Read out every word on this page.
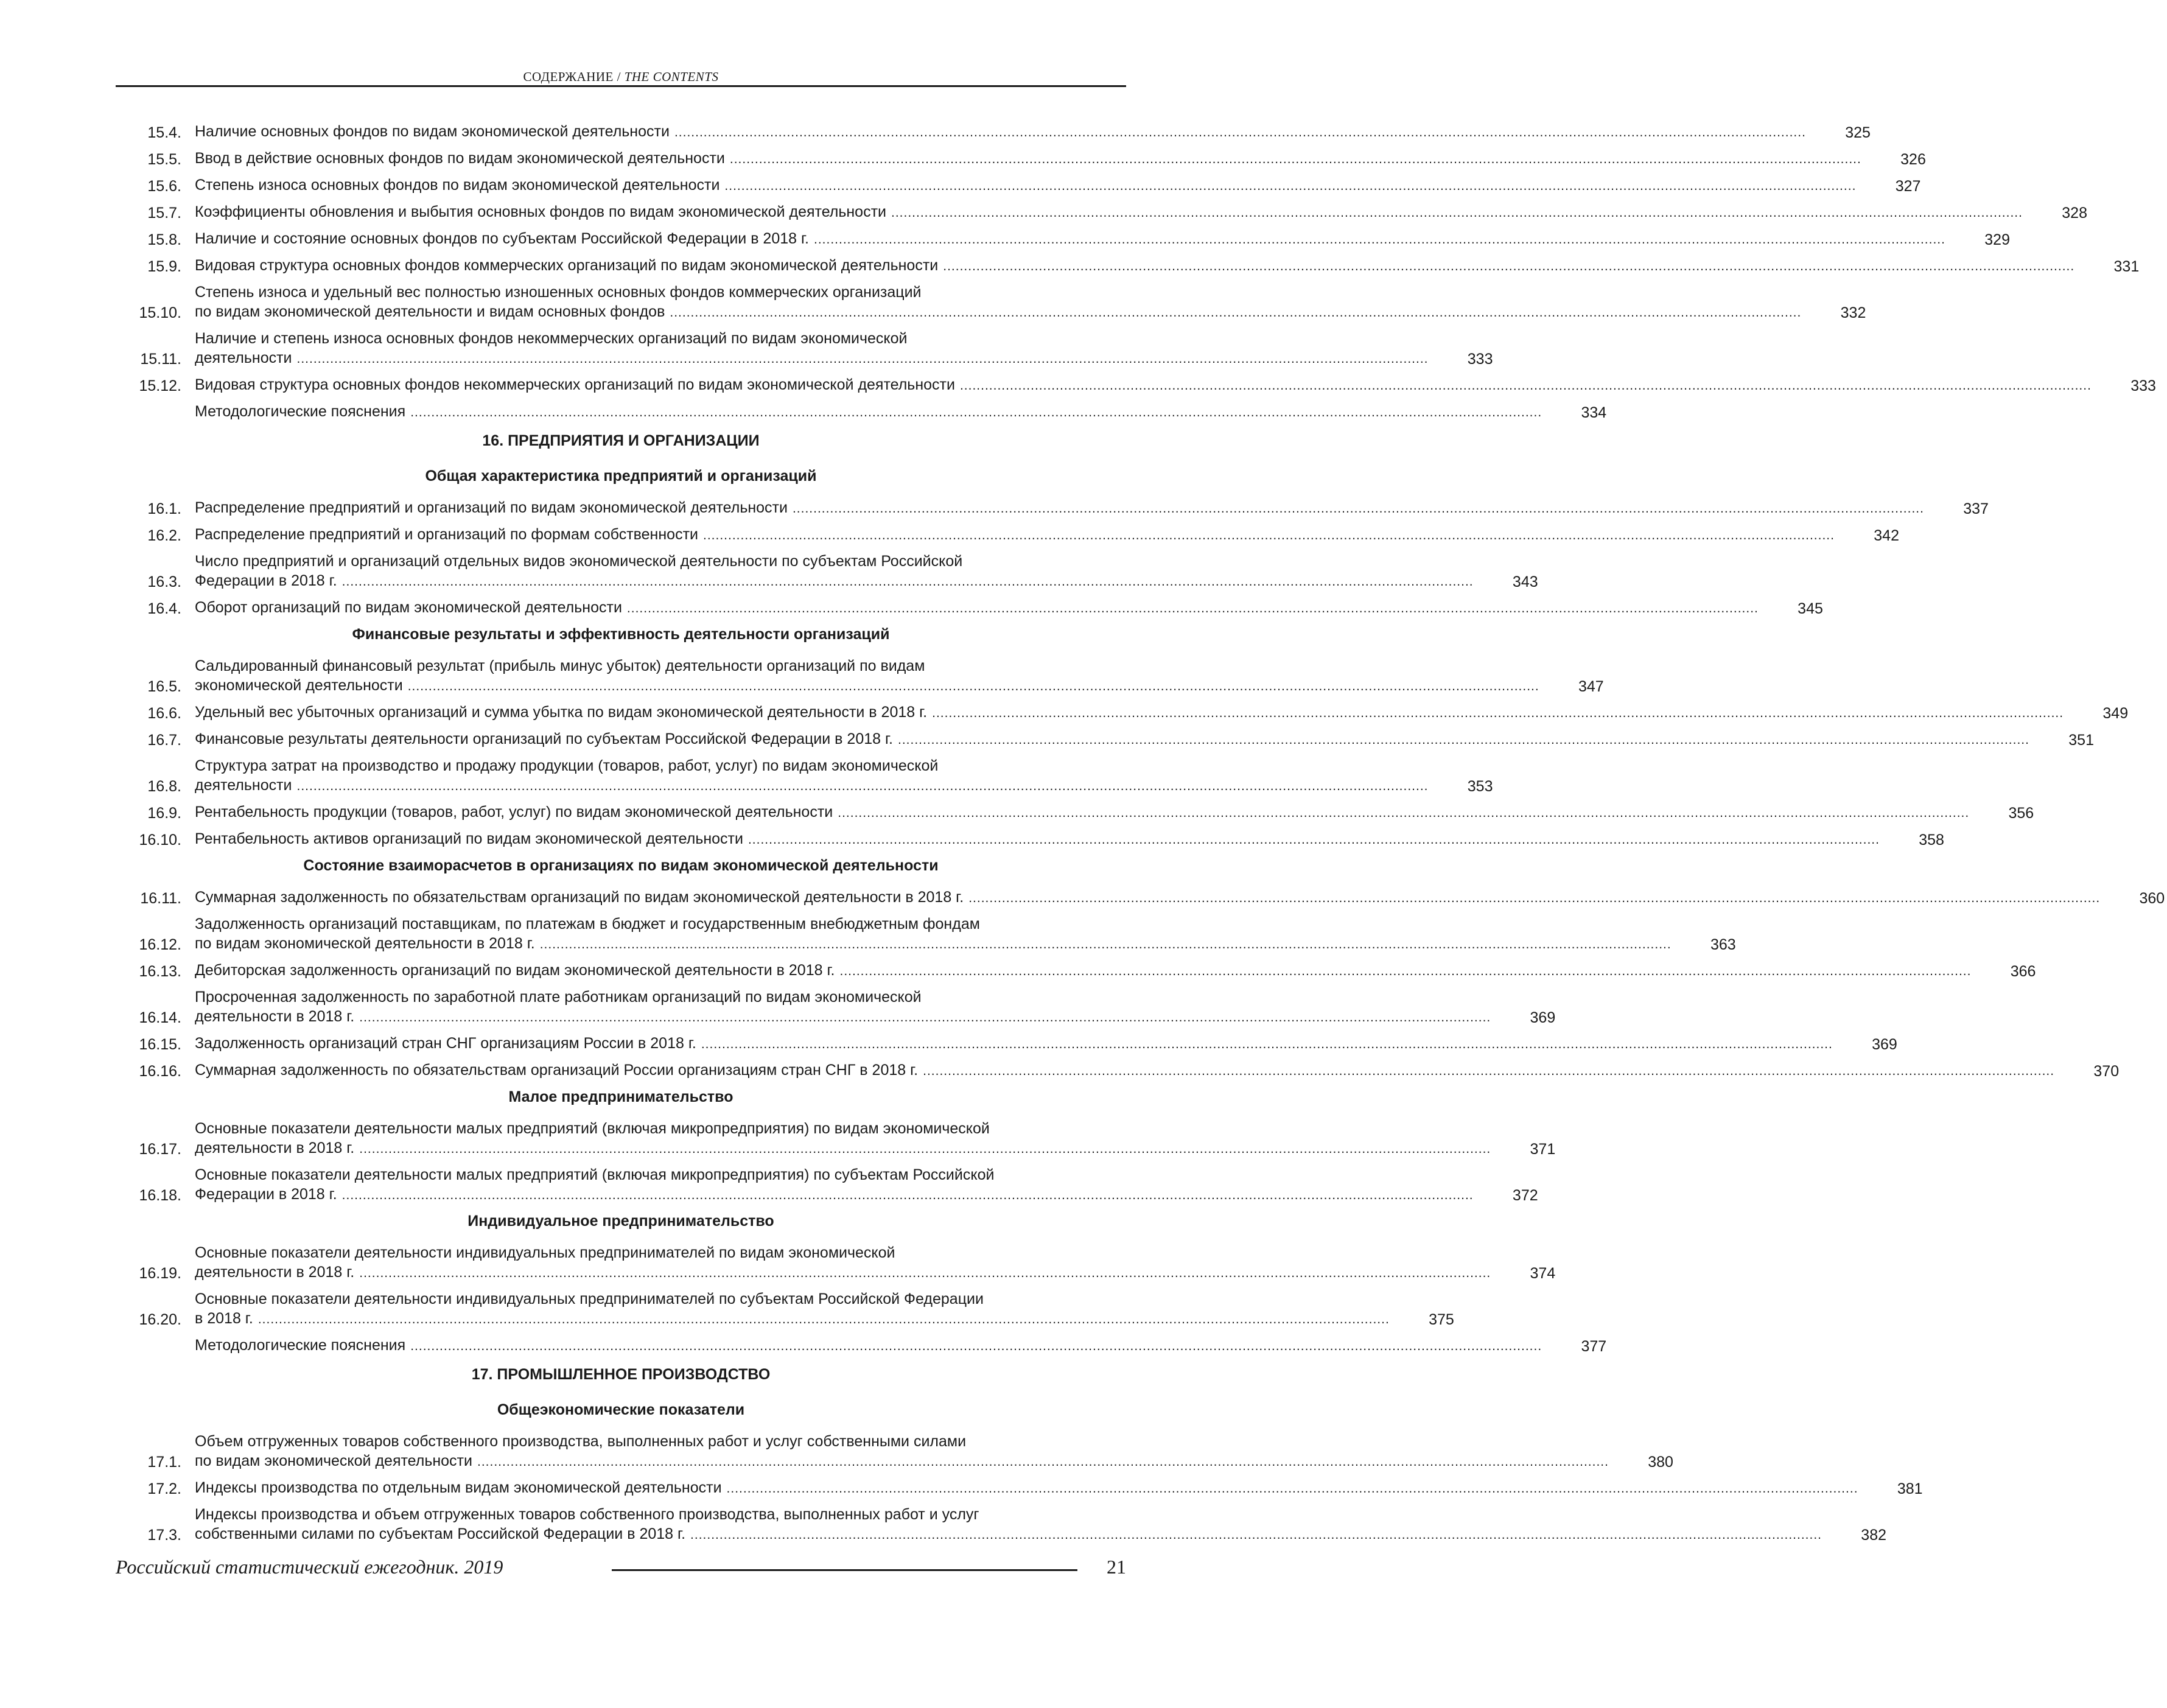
СОДЕРЖАНИЕ / THE CONTENTS
15.4. Наличие основных фондов по видам экономической деятельности .....	325
15.5. Ввод в действие основных фондов по видам экономической деятельности .....	326
15.6. Степень износа основных фондов по видам экономической деятельности .....	327
15.7. Коэффициенты обновления и выбытия основных фондов по видам экономической деятельности .....	328
15.8. Наличие и состояние основных фондов по субъектам Российской Федерации в 2018 г. .....	329
15.9. Видовая структура основных фондов коммерческих организаций по видам экономической деятельности .....	331
15.10.
Степень износа и удельный вес полностью изношенных основных фондов коммерческих организаций
по видам экономической деятельности и видам основных фондов .....	332
15.11.
Наличие и степень износа основных фондов некоммерческих организаций по видам экономической
деятельности .....	333
15.12. Видовая структура основных фондов некоммерческих организаций по видам экономической деятельности .....	333
Методологические пояснения .....	334
16. ПРЕДПРИЯТИЯ И ОРГАНИЗАЦИИ
Общая характеристика предприятий и организаций
16.1. Распределение предприятий и организаций по видам экономической деятельности .....	337
16.2. Распределение предприятий и организаций по формам собственности .....	342
16.3.
Число предприятий и организаций отдельных видов экономической деятельности по субъектам Российской
Федерации в 2018 г. .....	343
16.4. Оборот организаций по видам экономической деятельности .....	345
Финансовые результаты и эффективность деятельности организаций
16.5.
Сальдированный финансовый результат (прибыль минус убыток) деятельности организаций по видам
экономической деятельности .....	347
16.6. Удельный вес убыточных организаций и сумма убытка по видам экономической деятельности в 2018 г. .....	349
16.7. Финансовые результаты деятельности организаций по субъектам Российской Федерации в 2018 г. .....	351
16.8.
Структура затрат на производство и продажу продукции (товаров, работ, услуг) по видам экономической
деятельности .....	353
16.9. Рентабельность продукции (товаров, работ, услуг) по видам экономической деятельности .....	356
16.10. Рентабельность активов организаций по видам экономической деятельности .....	358
Состояние взаиморасчетов в организациях по видам экономической деятельности
16.11. Суммарная задолженность по обязательствам организаций по видам экономической деятельности в 2018 г. .....	360
16.12.
Задолженность организаций поставщикам, по платежам в бюджет и государственным внебюджетным фондам
по видам экономической деятельности в 2018 г. .....	363
16.13. Дебиторская задолженность организаций по видам экономической деятельности в 2018 г. .....	366
16.14.
Просроченная задолженность по заработной плате работникам организаций по видам экономической
деятельности в 2018 г. .....	369
16.15. Задолженность организаций стран СНГ организациям России в 2018 г. .....	369
16.16. Суммарная задолженность по обязательствам организаций России организациям стран СНГ в 2018 г. .....	370
Малое предпринимательство
16.17.
Основные показатели деятельности малых предприятий (включая микропредприятия) по видам экономической
деятельности в 2018 г. .....	371
16.18.
Основные показатели деятельности малых предприятий (включая микропредприятия) по субъектам Российской
Федерации в 2018 г. .....	372
Индивидуальное предпринимательство
16.19.
Основные показатели деятельности индивидуальных предпринимателей по видам экономической
деятельности в 2018 г. .....	374
16.20.
Основные показатели деятельности индивидуальных предпринимателей по субъектам Российской Федерации
в 2018 г. .....	375
Методологические пояснения .....	377
17. ПРОМЫШЛЕННОЕ ПРОИЗВОДСТВО
Общеэкономические показатели
17.1.
Объем отгруженных товаров собственного производства, выполненных работ и услуг собственными силами
по видам экономической деятельности .....	380
17.2. Индексы производства по отдельным видам экономической деятельности .....	381
17.3.
Индексы производства и объем отгруженных товаров собственного производства, выполненных работ и услуг
собственными силами по субъектам Российской Федерации в 2018 г. .....	382
Российский статистический ежегодник. 2019	21
